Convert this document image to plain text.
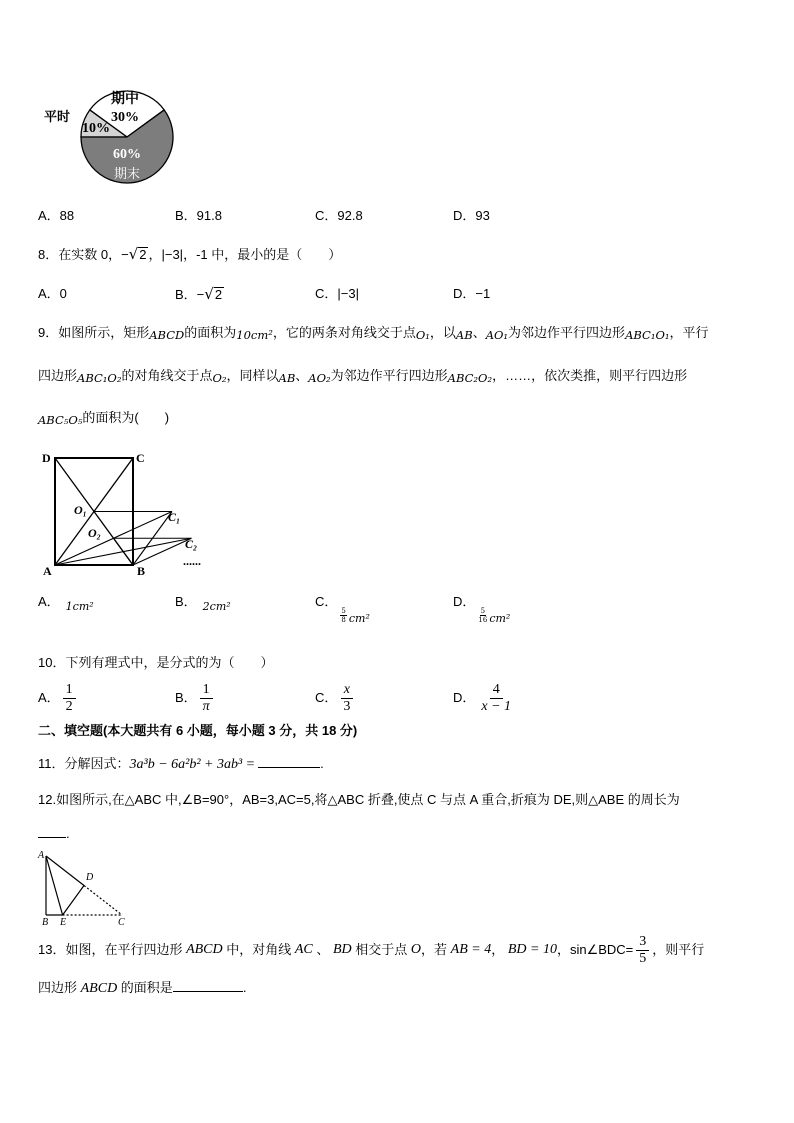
平时
期中
30%
10%
60%
期末
A．88	B．91.8	C．92.8	D．93
8．在实数 0，−√2 ，|−3|，-1 中，最小的是（　　）
A．0	B．−√2	C．|−3|	D．−1
9．如图所示，矩形ABCD的面积为10cm²，它的两条对角线交于点O₁，以AB、AO₁为邻边作平行四边形ABC₁O₁，平行
四边形ABC₁O₂的对角线交于点O₂，同样以AB、AO₂为邻边作平行四边形ABC₂O₂，……，依次类推，则平行四边形
ABC₅O₅的面积为(　　)
D	C
A	B
O₁
O₂
C₁
C₂
......
A． $_{1cm^2}$	B． $_{2cm^2}$	C．
$\frac{5}{8} _{cm^2}$
D．
$\frac{5}{16} _{cm^2}$
10．下列有理式中，是分式的为（　　）
A． $\frac{1}{2}$	B． $\frac{1}{\pi}$	C． $\frac{x}{3}$	D． $\frac{4}{x - 1}$
二、填空题(本大题共有 6 小题，每小题 3 分，共 18 分)
11．分解因式：3a³b − 6a²b² + 3ab³ =	.
12.如图所示,在△ABC 中,∠B=90°，AB=3,AC=5,将△ABC 折叠,使点 C 与点 A 重合,折痕为 DE,则△ABE 的周长为
.
A
D
B E	C
13．如图，在平行四边形 ABCD 中，对角线 AC 、 BD 相交于点 O ，若 AB = 4 ， BD = 10 ，sin∠BDC= $\frac{3}{5}$ ，则平行
四边形 ABCD 的面积是	.
